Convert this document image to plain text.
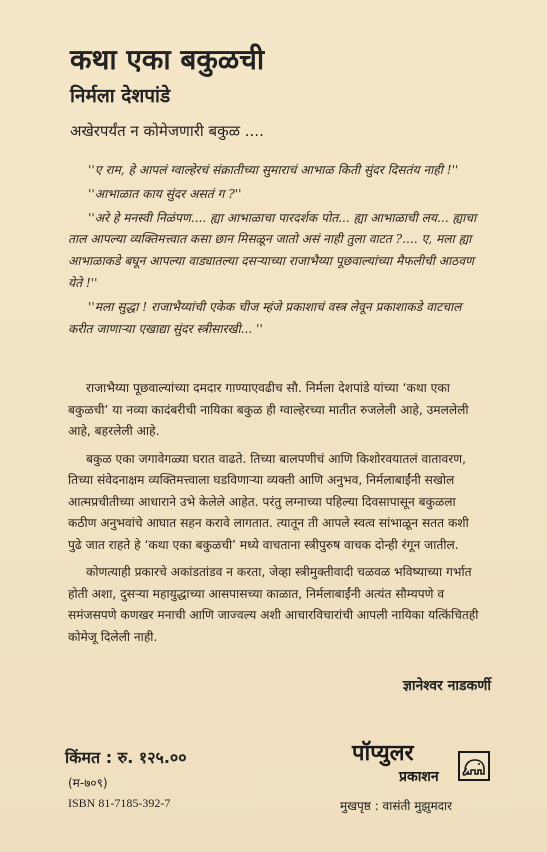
कथा एका बकुळची
निर्मला देशपांडे

अखेरपर्यंत न कोमेजणारी बकुळ ....

''ए राम, हे आपलं ग्वाल्हेरचं संक्रातीच्या सुमाराचं आभाळ किती सुंदर दिसतंय नाही !''

''आभाळात काय सुंदर असतं ग ?''

''अरे हे मनस्वी निळंपण.... ह्या आभाळाचा पारदर्शक पोत... ह्या आभाळाची लय... ह्याचा ताल आपल्या व्यक्तिमत्त्वात कसा छान मिसळून जातो असं नाही तुला वाटत ?.... ए, मला ह्या आभाळाकडे बघून आपल्या वाड्यातल्या दसऱ्याच्या राजाभैय्या पूछवाल्यांच्या मैफलीची आठवण येते !''

''मला सुद्धा ! राजाभैय्यांची एकेक चीज म्हंजे प्रकाशाचं वस्त्र लेवून प्रकाशाकडे वाटचाल करीत जाणाऱ्या एखाद्या सुंदर स्त्रीसारखी... ''

राजाभैय्या पूछवाल्यांच्या दमदार गाण्याएवढीच सौ. निर्मला देशपांडे यांच्या ‘कथा एका बकुळची’ या नव्या कादंबरीची नायिका बकुळ ही ग्वाल्हेरच्या मातीत रुजलेली आहे, उमललेली आहे, बहरलेली आहे.

बकुळ एका जगावेगळ्या घरात वाढते. तिच्या बालपणीचं आणि किशोरवयातलं वातावरण, तिच्या संवेदनाक्षम व्यक्तिमत्त्वाला घडविणाऱ्या व्यक्ती आणि अनुभव, निर्मलाबाईंनी सखोल आत्मप्रचीतीच्या आधाराने उभे केलेले आहेत. परंतु लग्नाच्या पहिल्या दिवसापासून बकुळला कठीण अनुभवांचे आघात सहन करावे लागतात. त्यातून ती आपले स्वत्व सांभाळून सतत कशी पुढे जात राहते हे ‘कथा एका बकुळची’ मध्ये वाचताना स्त्रीपुरुष वाचक दोन्ही रंगून जातील.

कोणत्याही प्रकारचे अकांडतांडव न करता, जेव्हा स्त्रीमुक्तीवादी चळवळ भविष्याच्या गर्भात होती अशा, दुसऱ्या महायुद्धाच्या आसपासच्या काळात, निर्मलाबाईंनी अत्यंत सौम्यपणे व समंजसपणे कणखर मनाची आणि जाज्वल्य अशी आचारविचारांची आपली नायिका यत्किंचितही कोमेजू दिलेली नाही.

ज्ञानेश्वर नाडकर्णी

किंमत : रु. १२५.००

(म-७०९)

ISBN 81-7185-392-7

पॉप्युलर
प्रकाशन

मुखपृष्ठ : वासंती मुझुमदार
